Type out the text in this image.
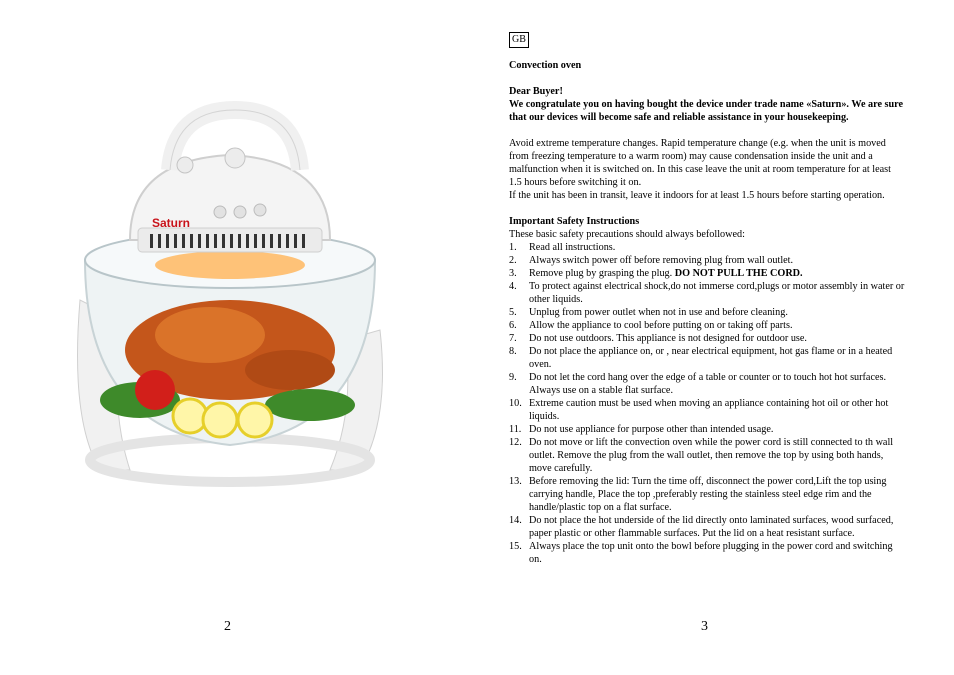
Saturn
2
GB

Convection oven

Dear Buyer!

We congratulate you on having bought the device under trade name «Saturn». We are sure that our devices will become safe and reliable assistance in your housekeeping.

Avoid extreme temperature changes. Rapid temperature change (e.g. when the unit is moved from freezing temperature to a warm room) may cause condensation inside the unit and a malfunction when it is switched on. In this case leave the unit at room temperature for at least 1.5 hours before switching it on.

If the unit has been in transit, leave it indoors for at least 1.5 hours before starting operation.

Important Safety Instructions

These basic safety precautions should always befollowed:

1.	Read all instructions.
2.	Always switch power off before removing plug from wall outlet.
3.	Remove plug by grasping the plug. DO NOT PULL THE CORD.
4.	To protect against electrical shock,do not immerse cord,plugs or motor assembly in water or other liquids.
5.	Unplug from power outlet when not in use and before cleaning.
6.	Allow the appliance to cool before putting on or taking off parts.
7.	Do not use outdoors. This appliance is not designed for outdoor use.
8.	Do not place the appliance on, or , near electrical equipment, hot gas flame or in a heated oven.
9.	Do not let the cord hang over the edge of a table or counter or to touch hot hot surfaces. Always use on a stable flat surface.
10. Extreme caution must be used when moving an appliance containing hot oil or other hot liquids.
11. Do not use appliance for purpose other than intended usage.
12. Do not move or lift the convection oven while the power cord is still connected to th wall outlet. Remove the plug from the wall outlet, then remove the top by using both hands, move carefully.
13. Before removing the lid: Turn the time off, disconnect the power cord,Lift the top using carrying handle, Place the top ,preferably resting the stainless steel edge rim and the handle/plastic top on a flat surface.
14. Do not place the hot underside of the lid directly onto laminated surfaces, wood surfaced, paper plastic or other flammable surfaces. Put the lid on a heat resistant surface.
15. Always place the top unit onto the bowl before plugging in the power cord and switching on.
3
